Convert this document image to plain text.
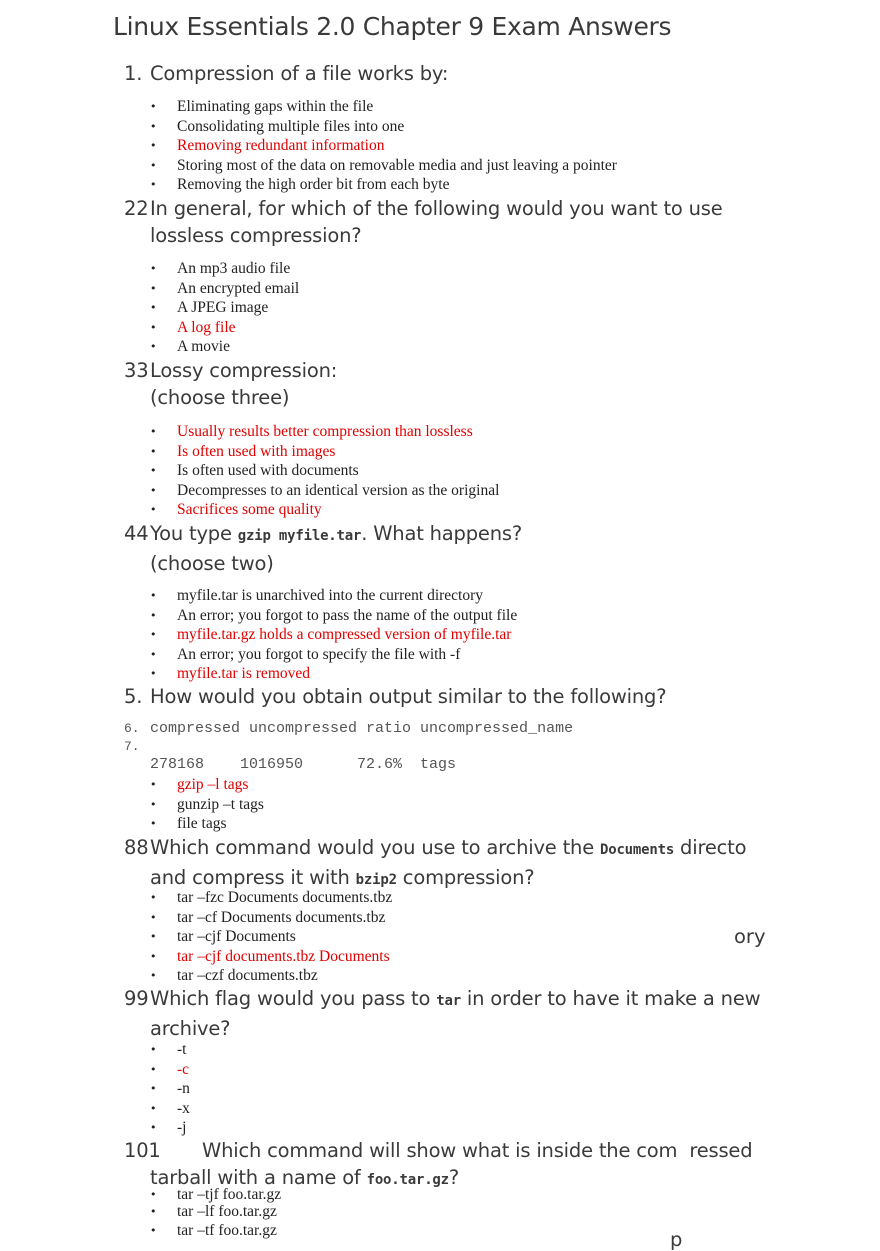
Linux Essentials 2.0 Chapter 9 Exam Answers
1. Compression of a file works by:
• Eliminating gaps within the file
• Consolidating multiple files into one
• Removing redundant information
• Storing most of the data on removable media and just leaving a pointer
• Removing the high order bit from each byte
22In general, for which of the following would you want to use
lossless compression?
• An mp3 audio file
• An encrypted email
• A JPEG image
• A log file
• A movie
33Lossy compression:
(choose three)
• Usually results better compression than lossless
• Is often used with images
• Is often used with documents
• Decompresses to an identical version as the original
• Sacrifices some quality
44You type gzip myfile.tar. What happens?
(choose two)
• myfile.tar is unarchived into the current directory
• An error; you forgot to pass the name of the output file
• myfile.tar.gz holds a compressed version of myfile.tar
• An error; you forgot to specify the file with -f
• myfile.tar is removed
5. How would you obtain output similar to the following?
6. compressed uncompressed ratio uncompressed_name
7.
278168    1016950      72.6%  tags
• gzip –l tags
• gunzip –t tags
• file tags
88Which command would you use to archive the Documents directo
and compress it with bzip2 compression?
ory
• tar –fzc Documents documents.tbz
• tar –cf Documents documents.tbz
• tar –cjf Documents
• tar –cjf documents.tbz Documents
• tar –czf documents.tbz
99Which flag would you pass to tar in order to have it make a new
archive?
• -t
• -c
• -n
• -x
• -j
101 Which command will show what is inside the com ressed
tarball with a name of foo.tar.gz?
• tar –tjf foo.tar.gz
• tar –lf foo.tar.gz
• tar –tf foo.tar.gz	p
